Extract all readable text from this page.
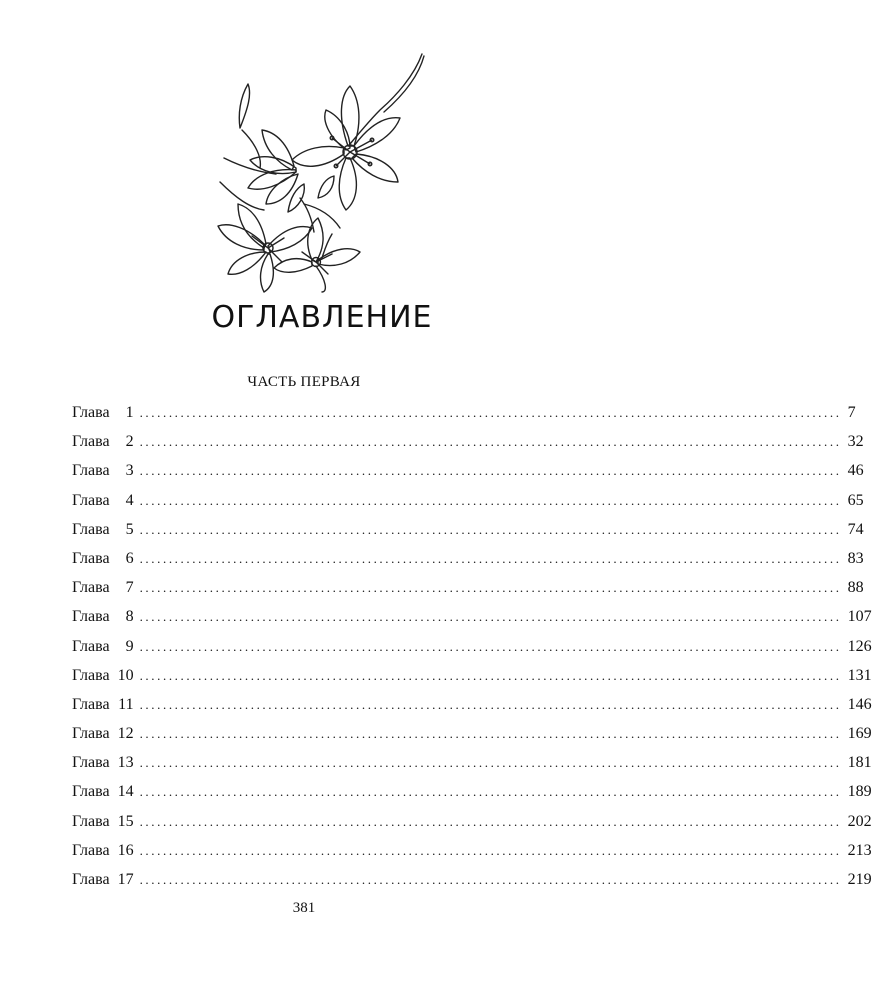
ОГЛАВЛЕНИЕ
ЧАСТЬ ПЕРВАЯ
Глава 1 ........................................................................................................................ 7
Глава 2 ........................................................................................................................ 32
Глава 3 ........................................................................................................................ 46
Глава 4 ........................................................................................................................ 65
Глава 5 ........................................................................................................................ 74
Глава 6 ........................................................................................................................ 83
Глава 7 ........................................................................................................................ 88
Глава 8 ........................................................................................................................ 107
Глава 9 ........................................................................................................................ 126
Глава 10 ........................................................................................................................ 131
Глава 11 ........................................................................................................................ 146
Глава 12 ........................................................................................................................ 169
Глава 13 ........................................................................................................................ 181
Глава 14 ........................................................................................................................ 189
Глава 15 ........................................................................................................................ 202
Глава 16 ........................................................................................................................ 213
Глава 17 ........................................................................................................................ 219
381
